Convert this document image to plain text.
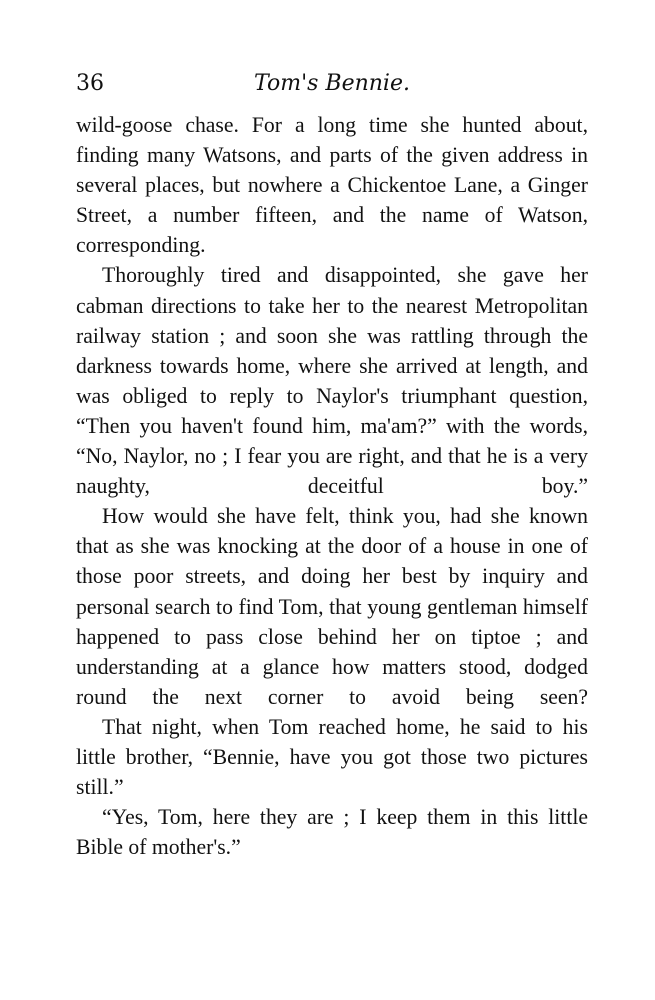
36	Tom's Bennie.

wild-goose chase. For a long time she hunted about, finding many Watsons, and parts of the given address in several places, but nowhere a Chickentoe Lane, a Ginger Street, a number fifteen, and the name of Watson, corresponding.

Thoroughly tired and disappointed, she gave her cabman directions to take her to the nearest Metropolitan railway station ; and soon she was rattling through the darkness towards home, where she arrived at length, and was obliged to reply to Naylor's triumphant question, “Then you haven't found him, ma'am?” with the words, “No, Naylor, no ; I fear you are right, and that he is a very naughty, deceitful boy.”

How would she have felt, think you, had she known that as she was knocking at the door of a house in one of those poor streets, and doing her best by inquiry and personal search to find Tom, that young gentleman himself happened to pass close behind her on tiptoe ; and understanding at a glance how matters stood, dodged round the next corner to avoid being seen?

That night, when Tom reached home, he said to his little brother, “Bennie, have you got those two pictures still.”

“Yes, Tom, here they are ; I keep them in this little Bible of mother's.”
